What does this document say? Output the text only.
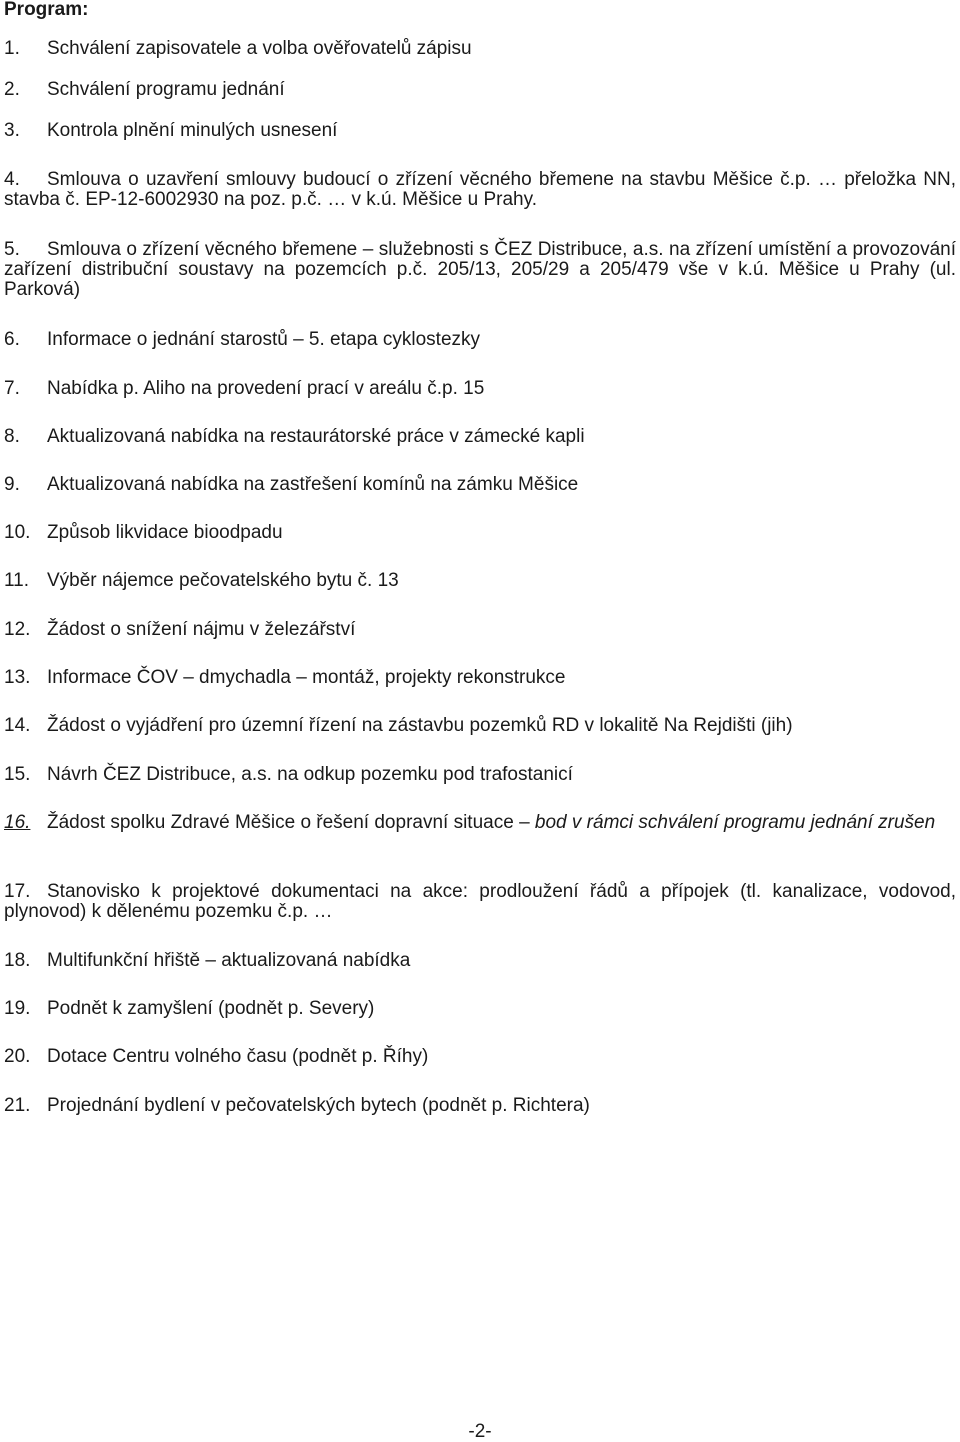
Program:
1. Schválení zapisovatele a volba ověřovatelů zápisu
2. Schválení programu jednání
3. Kontrola plnění minulých usnesení
4. Smlouva o uzavření smlouvy budoucí o zřízení věcného břemene na stavbu Měšice č.p. … přeložka NN, stavba č. EP-12-6002930 na poz. p.č. … v k.ú. Měšice u Prahy.
5. Smlouva o zřízení věcného břemene – služebnosti s ČEZ Distribuce, a.s. na zřízení umístění a provozování zařízení distribuční soustavy na pozemcích p.č. 205/13, 205/29 a 205/479 vše v k.ú. Měšice u Prahy (ul. Parková)
6. Informace o jednání starostů – 5. etapa cyklostezky
7. Nabídka p. Aliho na provedení prací v areálu č.p. 15
8. Aktualizovaná nabídka na restaurátorské práce v zámecké kapli
9. Aktualizovaná nabídka na zastřešení komínů na zámku Měšice
10. Způsob likvidace bioodpadu
11. Výběr nájemce pečovatelského bytu č. 13
12. Žádost o snížení nájmu v železářství
13. Informace ČOV – dmychadla – montáž, projekty rekonstrukce
14. Žádost o vyjádření pro územní řízení na zástavbu pozemků RD v lokalitě Na Rejdišti (jih)
15. Návrh ČEZ Distribuce, a.s. na odkup pozemku pod trafostanicí
16. Žádost spolku Zdravé Měšice o řešení dopravní situace – bod v rámci schválení programu jednání zrušen
17. Stanovisko k projektové dokumentaci na akce: prodloužení řádů a přípojek (tl. kanalizace, vodovod, plynovod) k dělenému pozemku č.p. …
18. Multifunkční hřiště – aktualizovaná nabídka
19. Podnět k zamyšlení (podnět p. Severy)
20. Dotace Centru volného času (podnět p. Říhy)
21. Projednání bydlení v pečovatelských bytech (podnět p. Richtera)
-2-
